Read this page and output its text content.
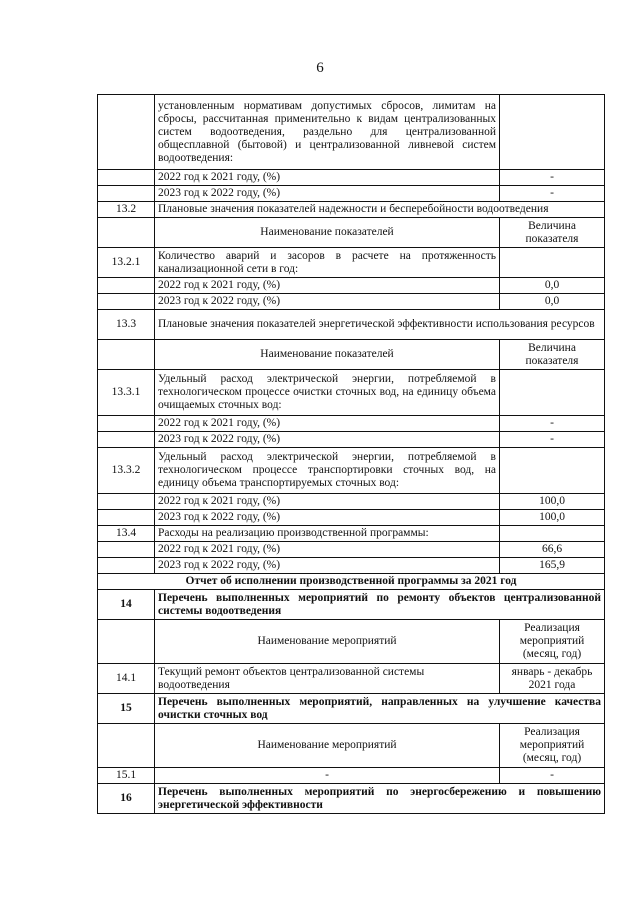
6
	установленным нормативам допустимых сбросов, лимитам на сбросы, рассчитанная применительно к видам централизованных систем водоотведения, раздельно для централизованной общесплавной (бытовой) и централизованной ливневой систем водоотведения:	
	2022 год к 2021 году, (%)	-
	2023 год к 2022 году, (%)	-
13.2	Плановые значения показателей надежности и бесперебойности водоотведения	
	Наименование показателей	Величина показателя
13.2.1	Количество аварий и засоров в расчете на протяженность канализационной сети в год:	
	2022 год к 2021 году, (%)	0,0
	2023 год к 2022 году, (%)	0,0
13.3	Плановые значения показателей энергетической эффективности использования ресурсов	
	Наименование показателей	Величина показателя
13.3.1	Удельный расход электрической энергии, потребляемой в технологическом процессе очистки сточных вод, на единицу объема очищаемых сточных вод:	
	2022 год к 2021 году, (%)	-
	2023 год к 2022 году, (%)	-
13.3.2	Удельный расход электрической энергии, потребляемой в технологическом процессе транспортировки сточных вод, на единицу объема транспортируемых сточных вод:	
	2022 год к 2021 году, (%)	100,0
	2023 год к 2022 году, (%)	100,0
13.4	Расходы на реализацию производственной программы:	
	2022 год к 2021 году, (%)	66,6
	2023 год к 2022 году, (%)	165,9
Отчет об исполнении производственной программы за 2021 год		
14	Перечень выполненных мероприятий по ремонту объектов централизованной системы водоотведения	
	Наименование мероприятий	Реализация мероприятий (месяц, год)
14.1	Текущий ремонт объектов централизованной системы водоотведения	январь - декабрь 2021 года
15	Перечень выполненных мероприятий, направленных на улучшение качества очистки сточных вод	
	Наименование мероприятий	Реализация мероприятий (месяц, год)
15.1	-	-
16	Перечень выполненных мероприятий по энергосбережению и повышению энергетической эффективности	
